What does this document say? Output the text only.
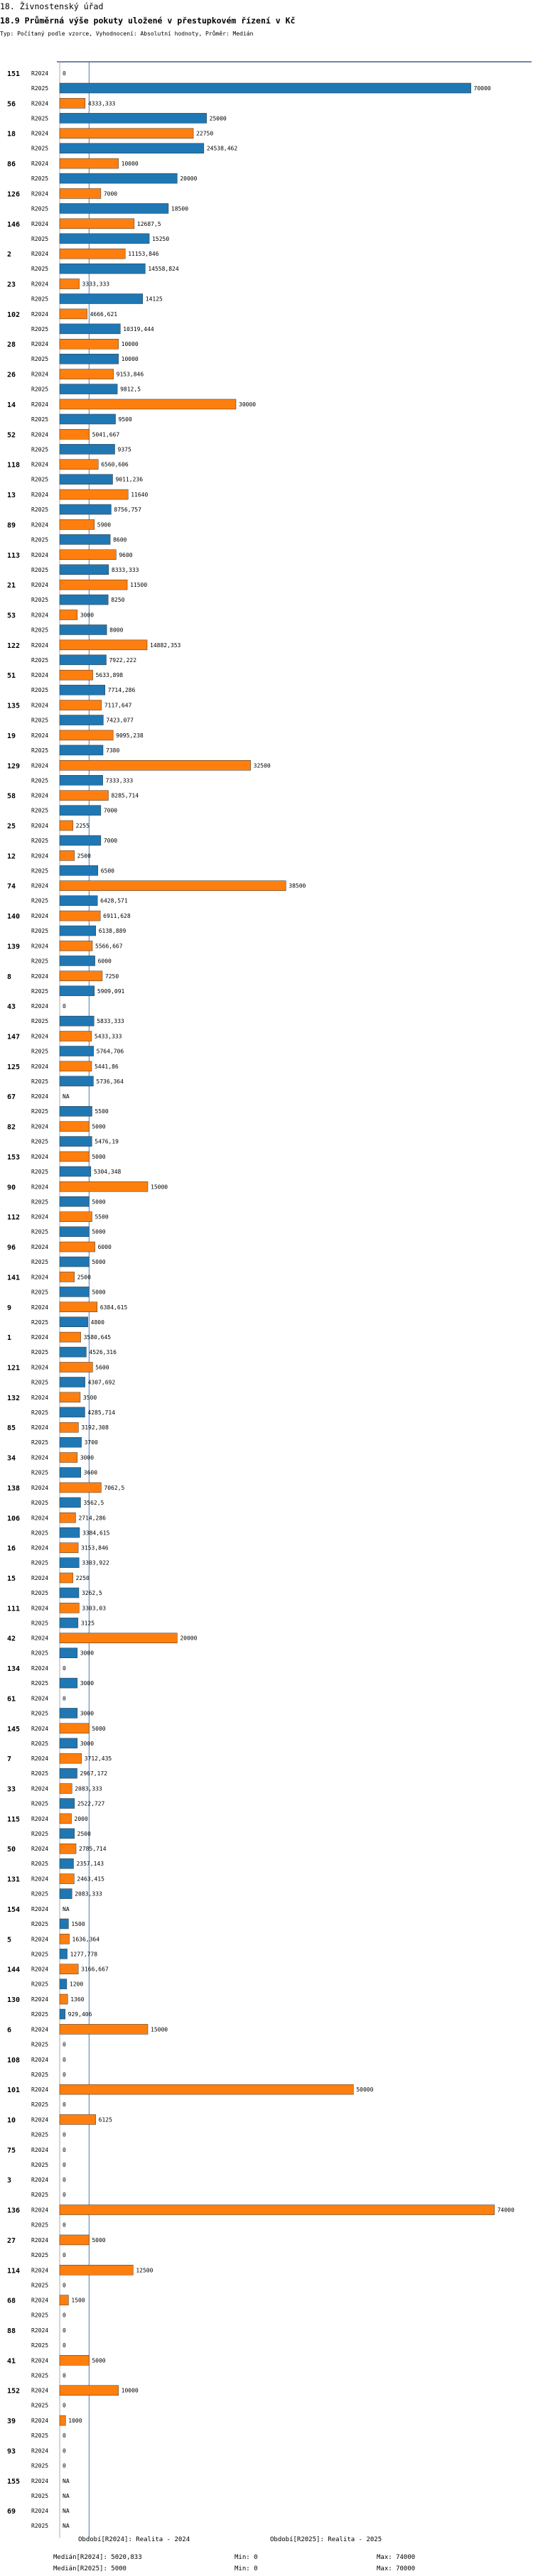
18. Živnostenský úřad
18.9 Průměrná výše pokuty uložené v přestupkovém řízení v Kč
Typ: Počítaný podle vzorce, Vyhodnocení: Absolutní hodnoty, Průměr: Medián
151 R2024 0
R2025	70000
56	R2024	4333,333
R2025	25000
18	R2024	22750
R2025	24538,462
86	R2024	10000
R2025	20000
126 R2024	7000
R2025	18500
146 R2024	12687,5
R2025	15250
2	R2024	11153,846
R2025	14558,824
23	R2024	3333,333
R2025	14125
102 R2024	4666,621
R2025	10319,444
28	R2024	10000
R2025	10000
26	R2024	9153,846
R2025	9812,5
14	R2024	30000
R2025	9500
52	R2024	5041,667
R2025	9375
118 R2024	6560,606
R2025	9011,236
13	R2024	11640
R2025	8756,757
89	R2024	5900
R2025	8600
113 R2024	9600
R2025	8333,333
21	R2024	11500
R2025	8250
53	R2024	3000
R2025	8000
122 R2024	14882,353
R2025	7922,222
51	R2024	5633,898
R2025	7714,286
135 R2024	7117,647
R2025	7423,077
19	R2024	9095,238
R2025	7380
129 R2024	32500
R2025	7333,333
58	R2024	8285,714
R2025	7000
25	R2024	2255
R2025	7000
12	R2024	2500
R2025	6500
74	R2024	38500
R2025	6428,571
140 R2024	6911,628
R2025	6138,889
139 R2024	5566,667
R2025	6000
8	R2024	7250
R2025	5909,091
43	R2024 0
R2025	5833,333
147 R2024	5433,333
R2025	5764,706
125 R2024	5441,86
R2025	5736,364
67	R2024 NA
R2025	5500
82	R2024	5000
R2025	5476,19
153 R2024	5000
R2025	5304,348
90	R2024	15000
R2025	5000
112 R2024	5500
R2025	5000
96	R2024	6000
R2025	5000
141 R2024	2500
R2025	5000
9	R2024	6384,615
R2025	4800
1	R2024	3580,645
R2025	4526,316
121 R2024	5600
R2025	4307,692
132 R2024	3500
R2025	4285,714
85	R2024	3192,308
R2025	3700
34	R2024	3000
R2025	3600
138 R2024	7062,5
R2025	3562,5
106 R2024	2714,286
R2025	3384,615
16	R2024	3153,846
R2025	3303,922
15	R2024	2250
R2025	3262,5
111 R2024	3303,03
R2025	3125
42	R2024	20000
R2025	3000
134 R2024 0
R2025	3000
61	R2024 0
R2025	3000
145 R2024	5000
R2025	3000
7	R2024	3712,435
R2025	2967,172
33	R2024	2083,333
R2025	2522,727
115 R2024	2000
R2025	2500
50	R2024	2785,714
R2025	2357,143
131 R2024	2463,415
R2025	2083,333
154 R2024 NA
R2025	1500
5	R2024	1636,364
R2025	1277,778
144 R2024	3166,667
R2025	1200
130 R2024	1360
R2025	929,406
6	R2024	15000
R2025 0
108 R2024 0
R2025 0
101 R2024	50000
R2025 0
10	R2024	6125
R2025 0
75	R2024 0
R2025 0
3	R2024 0
R2025 0
136 R2024	74000
R2025 0
27	R2024	5000
R2025 0
114 R2024	12500
R2025 0
68	R2024	1500
R2025 0
88	R2024 0
R2025 0
41	R2024	5000
R2025 0
152 R2024	10000
R2025 0
39	R2024	1000
R2025 0
93	R2024 0
R2025 0
155 R2024 NA
R2025 NA
69	R2024 NA
R2025 NA
Období[R2024]: Realita - 2024	Období[R2025]: Realita - 2025
Medián[R2024]: 5020,833	Min: 0	Max: 74000
Medián[R2025]: 5000	Min: 0	Max: 70000
